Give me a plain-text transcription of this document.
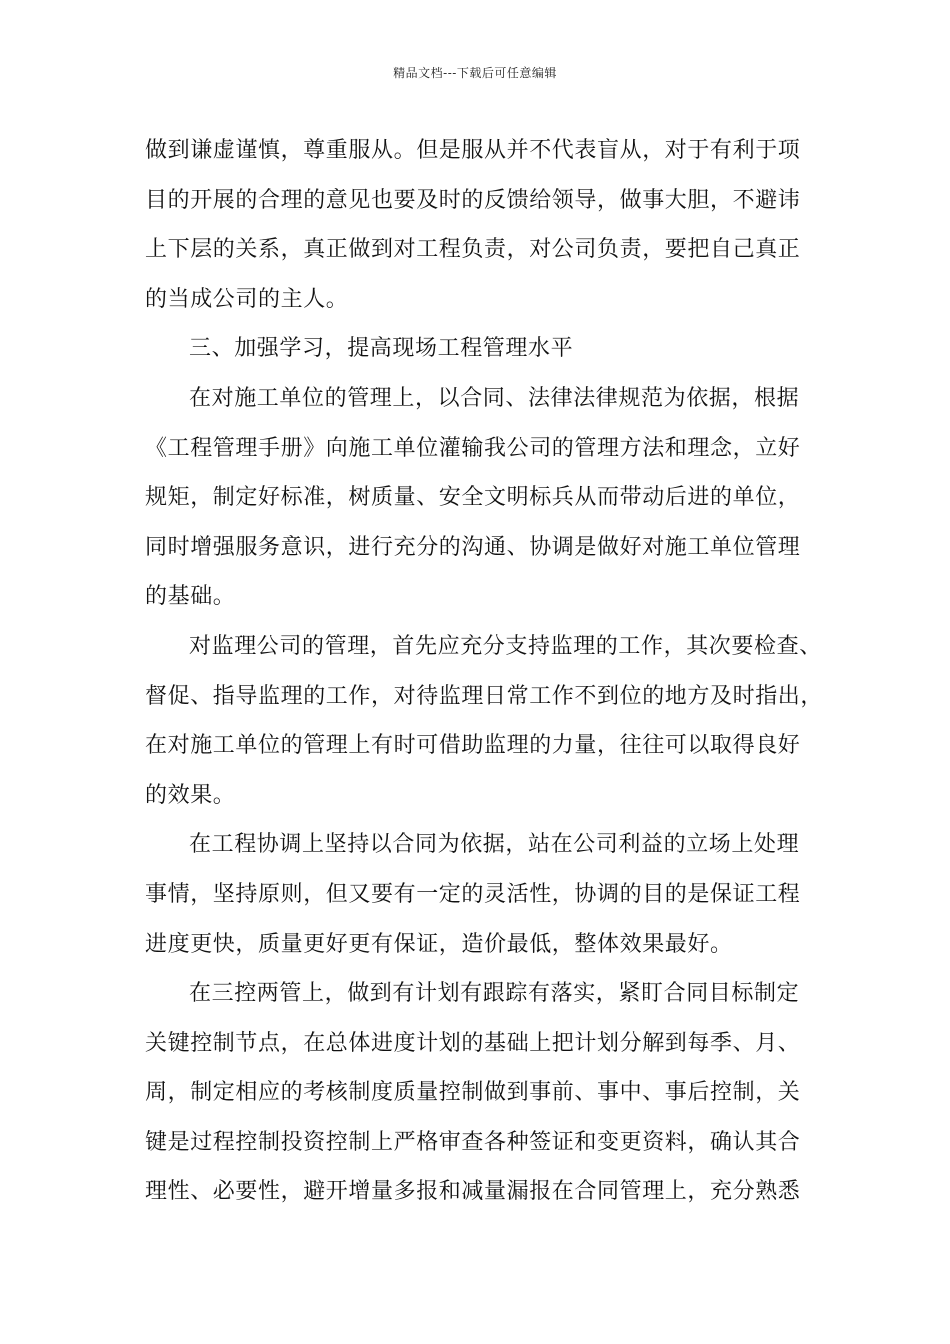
精品文档---下载后可任意编辑
做到谦虚谨慎，尊重服从。但是服从并不代表盲从，对于有利于项
目的开展的合理的意见也要及时的反馈给领导，做事大胆，不避讳
上下层的关系，真正做到对工程负责，对公司负责，要把自己真正
的当成公司的主人。
三、加强学习，提高现场工程管理水平
在对施工单位的管理上，以合同、法律法律规范为依据，根据
《工程管理手册》向施工单位灌输我公司的管理方法和理念，立好
规矩，制定好标准，树质量、安全文明标兵从而带动后进的单位，
同时增强服务意识，进行充分的沟通、协调是做好对施工单位管理
的基础。
对监理公司的管理，首先应充分支持监理的工作，其次要检查、
督促、指导监理的工作，对待监理日常工作不到位的地方及时指出，
在对施工单位的管理上有时可借助监理的力量，往往可以取得良好
的效果。
在工程协调上坚持以合同为依据，站在公司利益的立场上处理
事情，坚持原则，但又要有一定的灵活性，协调的目的是保证工程
进度更快，质量更好更有保证，造价最低，整体效果最好。
在三控两管上，做到有计划有跟踪有落实，紧盯合同目标制定
关键控制节点，在总体进度计划的基础上把计划分解到每季、月、
周，制定相应的考核制度质量控制做到事前、事中、事后控制，关
键是过程控制投资控制上严格审查各种签证和变更资料，确认其合
理性、必要性，避开增量多报和减量漏报在合同管理上，充分熟悉
